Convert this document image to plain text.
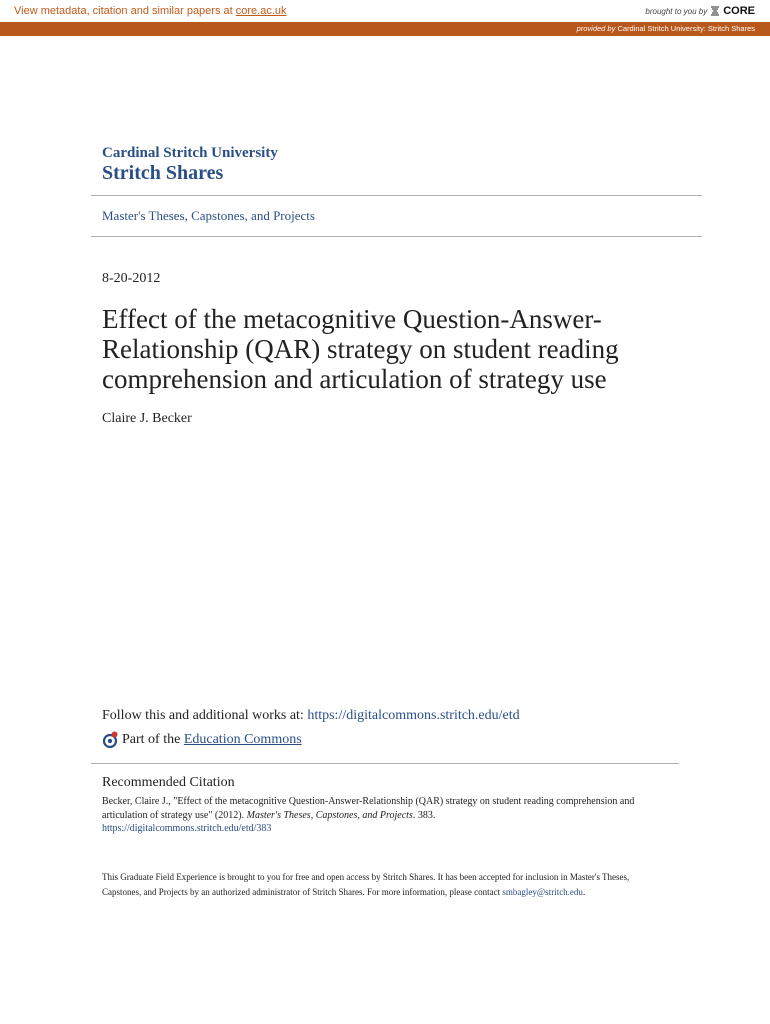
View metadata, citation and similar papers at core.ac.uk	brought to you by CORE
provided by Cardinal Stritch University: Stritch Shares
Cardinal Stritch University
Stritch Shares
Master's Theses, Capstones, and Projects
8-20-2012
Effect of the metacognitive Question-Answer-Relationship (QAR) strategy on student reading comprehension and articulation of strategy use
Claire J. Becker
Follow this and additional works at: https://digitalcommons.stritch.edu/etd
Part of the
Education Commons
Recommended Citation
Becker, Claire J., "Effect of the metacognitive Question-Answer-Relationship (QAR) strategy on student reading comprehension and articulation of strategy use" (2012). Master's Theses, Capstones, and Projects. 383.
https://digitalcommons.stritch.edu/etd/383
This Graduate Field Experience is brought to you for free and open access by Stritch Shares. It has been accepted for inclusion in Master's Theses, Capstones, and Projects by an authorized administrator of Stritch Shares. For more information, please contact smbagley@stritch.edu.
